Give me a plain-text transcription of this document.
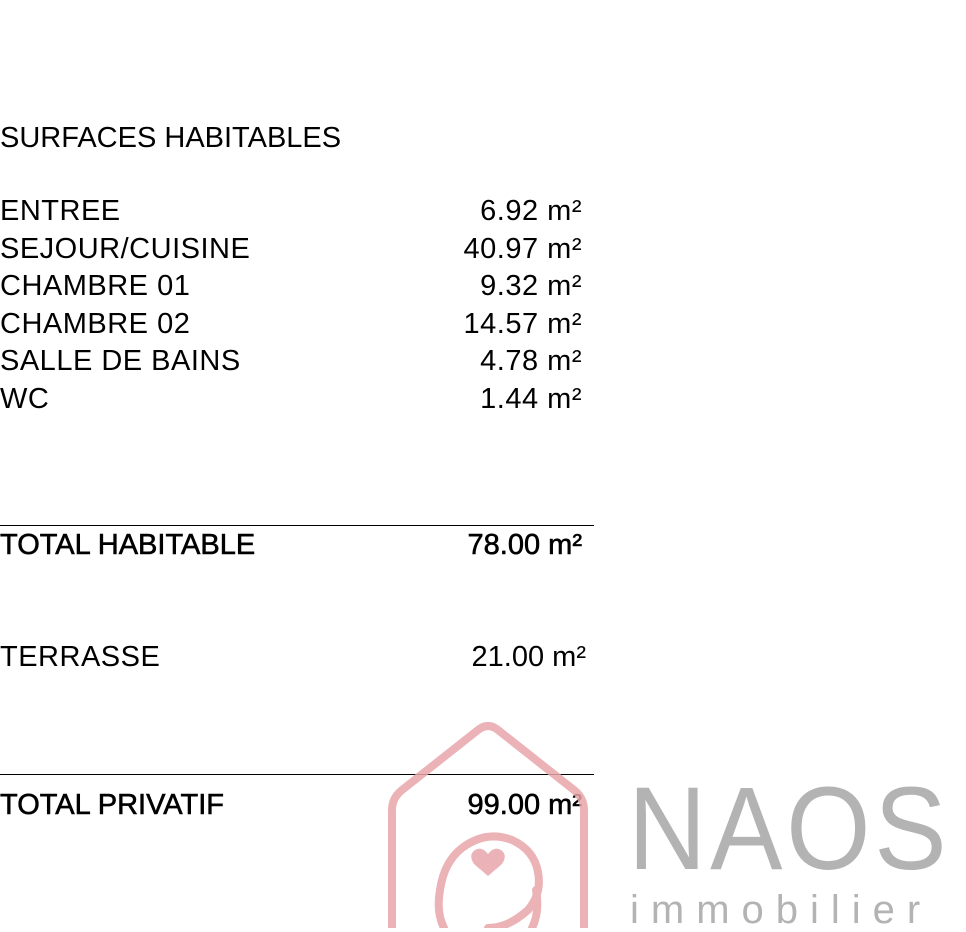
SURFACES HABITABLES
ENTREE	6.92 m²
SEJOUR/CUISINE	40.97 m²
CHAMBRE 01	9.32 m²
CHAMBRE 02	14.57 m²
SALLE DE BAINS	4.78 m²
WC	1.44 m²
TOTAL HABITABLE	78.00 m²
TERRASSE	21.00 m²
TOTAL PRIVATIF	99.00 m² NAOS
immobilier
